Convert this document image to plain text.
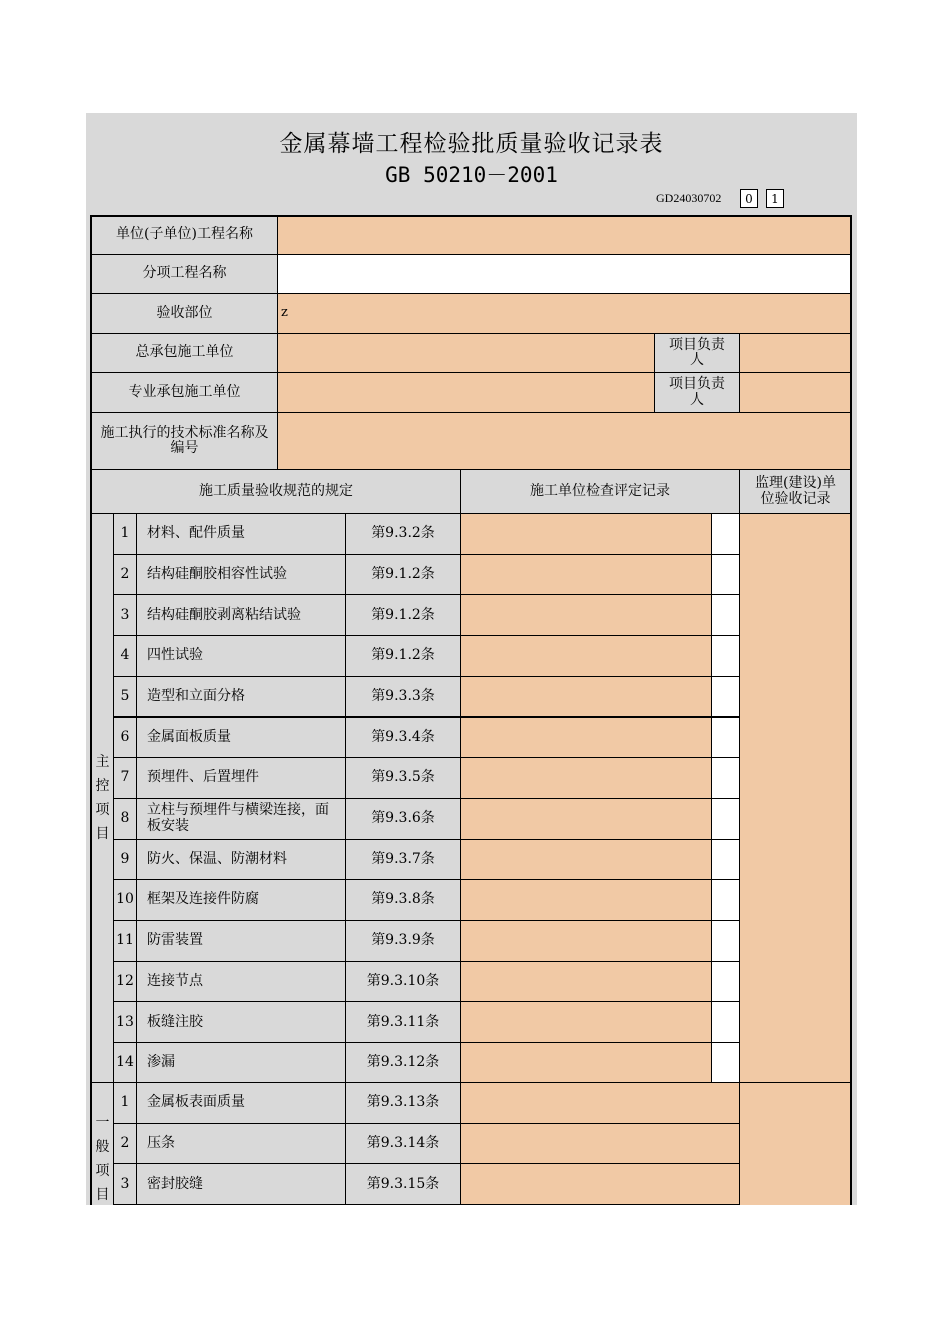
金属幕墙工程检验批质量验收记录表
GB 50210－2001
GD24030702	0	1
单位(子单位)工程名称
分项工程名称
验收部位	z
总承包施工单位	项目负责人
专业承包施工单位	项目负责人
施工执行的技术标准名称及编号
施工质量验收规范的规定	施工单位检查评定记录	监理(建设)单位验收记录
主控项目
一般项目
1	材料、配件质量	第9.3.2条
2	结构硅酮胶相容性试验	第9.1.2条
3	结构硅酮胶剥离粘结试验	第9.1.2条
4	四性试验	第9.1.2条
5	造型和立面分格	第9.3.3条
6	金属面板质量	第9.3.4条
7	预埋件、后置埋件	第9.3.5条
8	立柱与预埋件与横梁连接，面板安装	第9.3.6条
9	防火、保温、防潮材料	第9.3.7条
10 框架及连接件防腐	第9.3.8条
11 防雷装置	第9.3.9条
12 连接节点	第9.3.10条
13 板缝注胶	第9.3.11条
14 渗漏	第9.3.12条
1	金属板表面质量	第9.3.13条
2	压条	第9.3.14条
3	密封胶缝	第9.3.15条
